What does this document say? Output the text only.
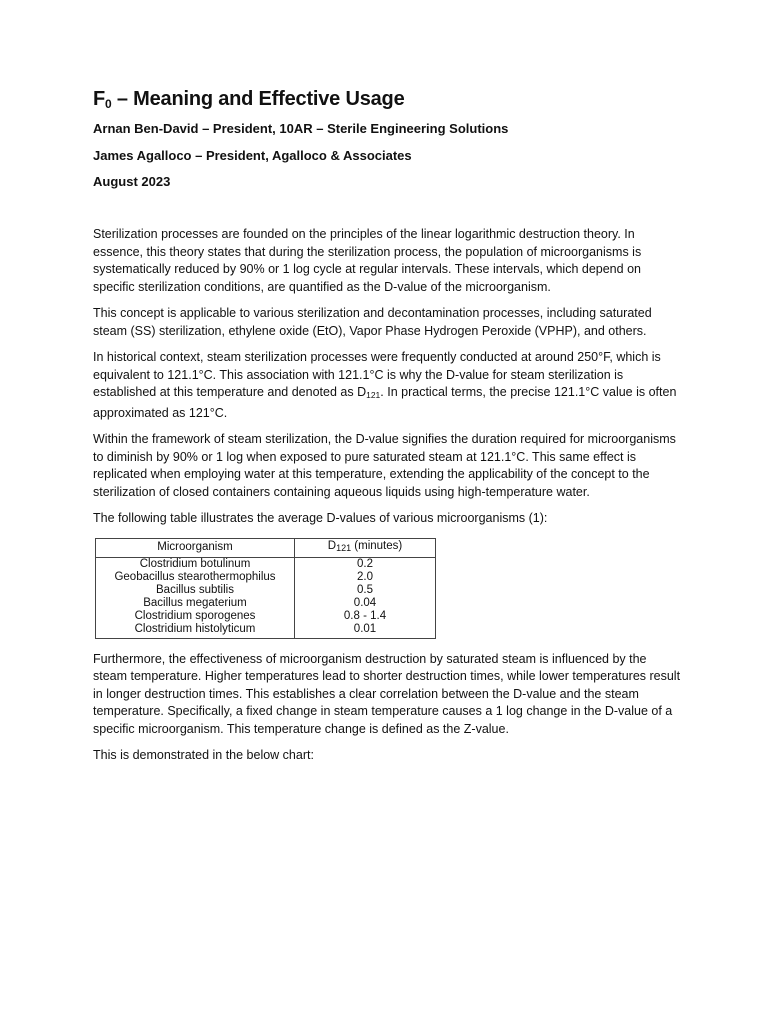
$F_0$ – Meaning and Effective Usage

Arnan Ben-David – President, 10AR – Sterile Engineering Solutions

James Agalloco – President, Agalloco & Associates

August 2023

Sterilization processes are founded on the principles of the linear logarithmic destruction theory. In essence, this theory states that during the sterilization process, the population of microorganisms is systematically reduced by 90% or 1 log cycle at regular intervals. These intervals, which depend on specific sterilization conditions, are quantified as the D-value of the microorganism.

This concept is applicable to various sterilization and decontamination processes, including saturated steam (SS) sterilization, ethylene oxide (EtO), Vapor Phase Hydrogen Peroxide (VPHP), and others.

In historical context, steam sterilization processes were frequently conducted at around 250°F, which is equivalent to 121.1°C. This association with 121.1°C is why the D-value for steam sterilization is established at this temperature and denoted as D121. In practical terms, the precise 121.1°C value is often approximated as 121°C.

Within the framework of steam sterilization, the D-value signifies the duration required for microorganisms to diminish by 90% or 1 log when exposed to pure saturated steam at 121.1°C. This same effect is replicated when employing water at this temperature, extending the applicability of the concept to the sterilization of closed containers containing aqueous liquids using high-temperature water.

The following table illustrates the average D-values of various microorganisms (1):

Microorganism	D121 (minutes)
Clostridium botulinum	0.2
Geobacillus stearothermophilus	2.0
Bacillus subtilis	0.5
Bacillus megaterium	0.04
Clostridium sporogenes	0.8 - 1.4
Clostridium histolyticum	0.01

Furthermore, the effectiveness of microorganism destruction by saturated steam is influenced by the steam temperature. Higher temperatures lead to shorter destruction times, while lower temperatures result in longer destruction times. This establishes a clear correlation between the D-value and the steam temperature. Specifically, a fixed change in steam temperature causes a 1 log change in the D-value of a specific microorganism. This temperature change is defined as the Z-value.

This is demonstrated in the below chart:
